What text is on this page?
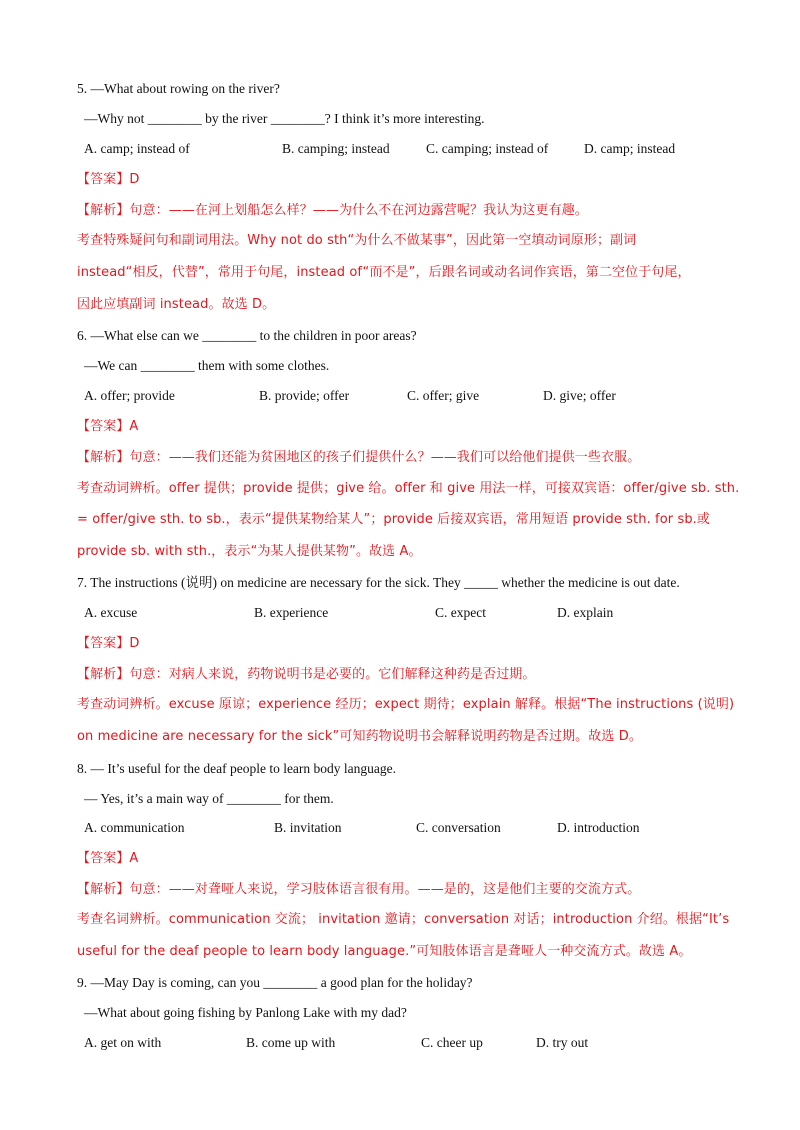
5. —What about rowing on the river?
—Why not ________ by the river ________? I think it’s more interesting.
A. camp; instead of	B. camping; instead	C. camping; instead of	D. camp; instead
【答案】D
【解析】句意：——在河上划船怎么样？——为什么不在河边露营呢？我认为这更有趣。
考查特殊疑问句和副词用法。Why not do sth“为什么不做某事”，因此第一空填动词原形；副词
instead“相反，代替”，常用于句尾，instead of“而不是”，后跟名词或动名词作宾语，第二空位于句尾，
因此应填副词 instead。故选 D。
6. —What else can we ________ to the children in poor areas?
—We can ________ them with some clothes.
A. offer; provide	B. provide; offer	C. offer; give	D. give; offer
【答案】A
【解析】句意：——我们还能为贫困地区的孩子们提供什么？——我们可以给他们提供一些衣服。
考查动词辨析。offer 提供；provide 提供；give 给。offer 和 give 用法一样，可接双宾语：offer/give sb. sth.
= offer/give sth. to sb.，表示“提供某物给某人”；provide 后接双宾语，常用短语 provide sth. for sb.或
provide sb. with sth.，表示“为某人提供某物”。故选 A。
7. The instructions (说明) on medicine are necessary for the sick. They _____ whether the medicine is out date.
A. excuse	B. experience	C. expect	D. explain
【答案】D
【解析】句意：对病人来说，药物说明书是必要的。它们解释这种药是否过期。
考查动词辨析。excuse 原谅；experience 经历；expect 期待；explain 解释。根据“The instructions (说明)
on medicine are necessary for the sick”可知药物说明书会解释说明药物是否过期。故选 D。
8. — It’s useful for the deaf people to learn body language.
— Yes, it’s a main way of ________ for them.
A. communication	B. invitation	C. conversation	D. introduction
【答案】A
【解析】句意：——对聋哑人来说，学习肢体语言很有用。——是的，这是他们主要的交流方式。
考查名词辨析。communication 交流； invitation 邀请；conversation 对话；introduction 介绍。根据“It’s
useful for the deaf people to learn body language.”可知肢体语言是聋哑人一种交流方式。故选 A。
9. —May Day is coming, can you ________ a good plan for the holiday?
—What about going fishing by Panlong Lake with my dad?
A. get on with	B. come up with	C. cheer up	D. try out
